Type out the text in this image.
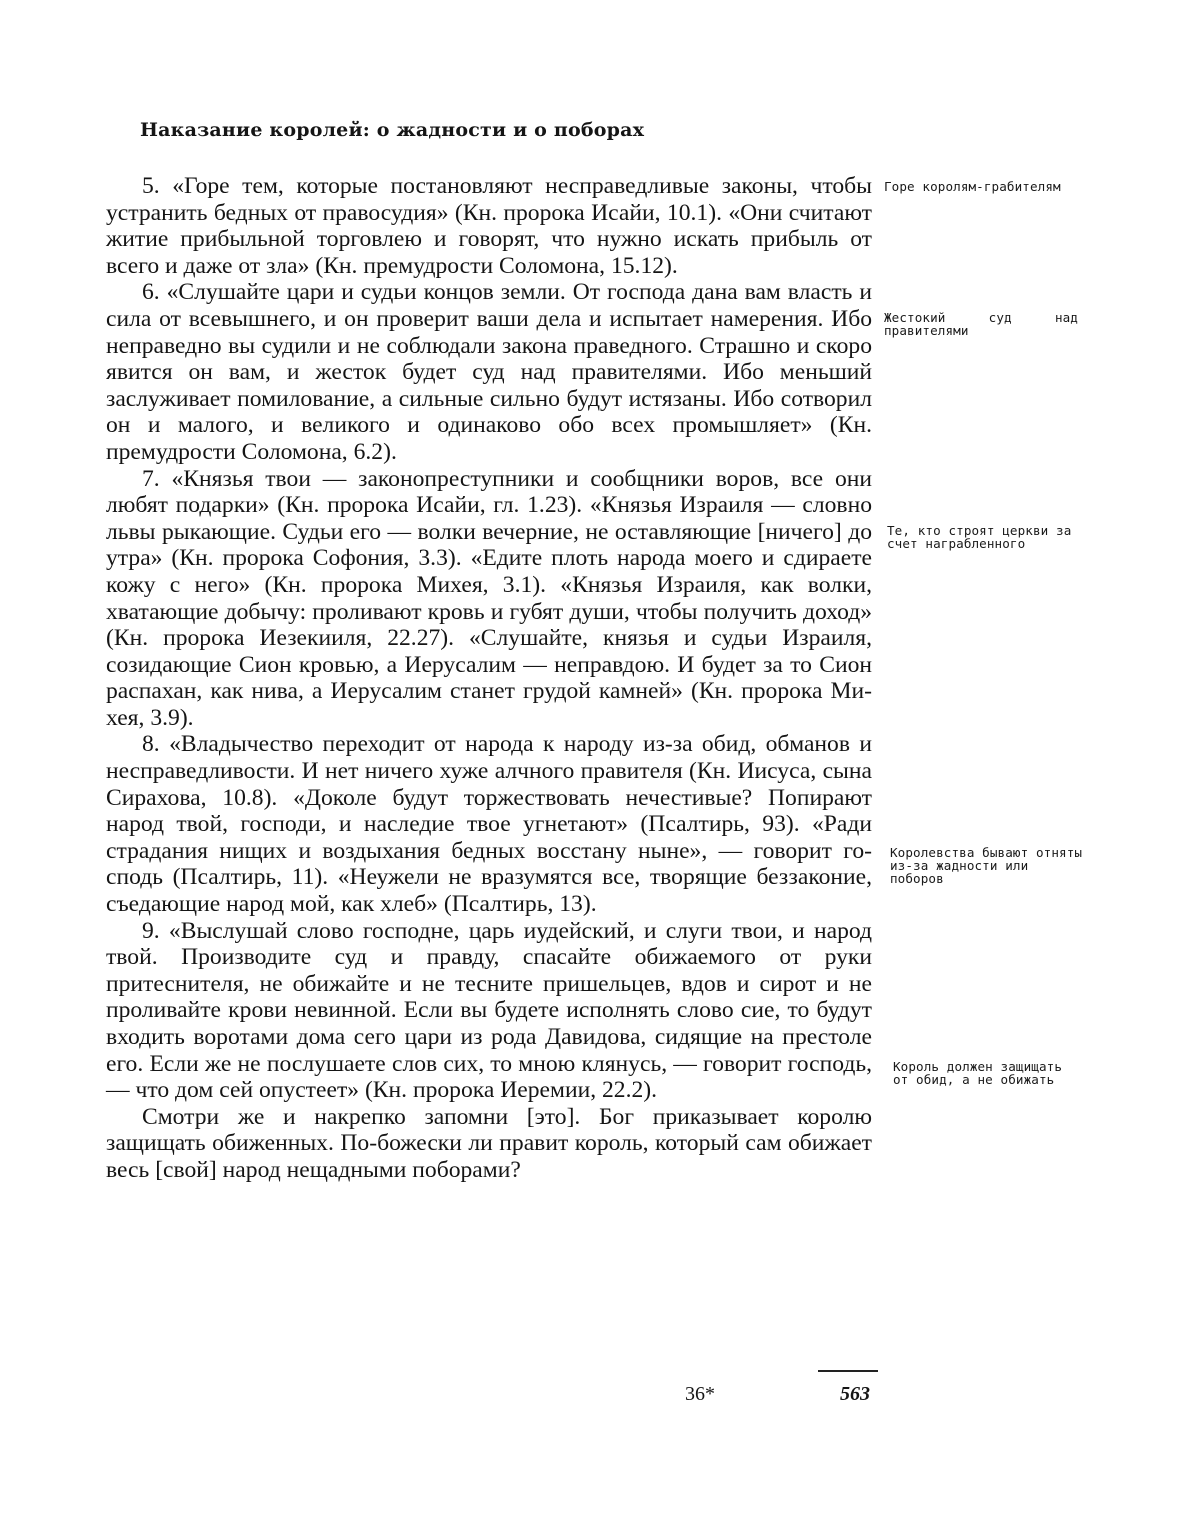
Наказание королей: о жадности и о поборах

5. «Горе тем, которые постановляют несправедливые законы, чтобы устранить бедных от правосудия» (Кн. пророка Исайи, 10.1). «Они считают житие прибыльной торговлею и говорят, что нужно искать прибыль от всего и даже от зла» (Кн. премудрости Соломона, 15.12).

6. «Слушайте цари и судьи концов земли. От господа дана вам власть и сила от всевышнего, и он проверит ваши дела и испытает намерения. Ибо неправедно вы судили и не соблюдали закона праведного. Страшно и скоро явится он вам, и жесток будет суд над правителями. Ибо меньший заслуживает помилование, а сильные сильно будут истязаны. Ибо сотворил он и малого, и великого и одинаково обо всех промышляет» (Кн. премудрости Соломона, 6.2).

7. «Князья твои — законопреступники и сообщники воров, все они любят подарки» (Кн. пророка Исайи, гл. 1.23). «Князья Израиля — словно львы рыкающие. Судьи его — волки вечерние, не оставляющие [ничего] до утра» (Кн. пророка Софония, 3.3). «Едите плоть народа моего и сдираете кожу с него» (Кн. пророка Михея, 3.1). «Князья Израиля, как волки, хватающие добычу: проливают кровь и губят души, чтобы получить доход» (Кн. пророка Иезекииля, 22.27). «Слушайте, князья и судьи Израиля, созидающие Сион кровью, а Иерусалим — неправдою. И будет за то Сион распахан, как нива, а Иерусалим станет грудой камней» (Кн. пророка Михея, 3.9).

8. «Владычество переходит от народа к народу из-за обид, обманов и несправедливости. И нет ничего хуже алчного правителя (Кн. Иисуса, сына Сирахова, 10.8). «Доколе будут торжествовать нечестивые? Попирают народ твой, господи, и наследие твое угнетают» (Псалтирь, 93). «Ради страдания нищих и воздыхания бедных восстану ныне», — говорит господь (Псалтирь, 11). «Неужели не вразумятся все, творящие беззаконие, съедающие народ мой, как хлеб» (Псалтирь, 13).

9. «Выслушай слово господне, царь иудейский, и слуги твои, и народ твой. Производите суд и правду, спасайте обижаемого от руки притеснителя, не обижайте и не тесните пришельцев, вдов и сирот и не проливайте крови невинной. Если вы будете исполнять слово сие, то будут входить воротами дома сего цари из рода Давидова, сидящие на престоле его. Если же не послушаете слов сих, то мною клянусь, — говорит господь, — что дом сей опустеет» (Кн. пророка Иеремии, 22.2).

Смотри же и накрепко запомни [это]. Бог приказывает королю защищать обиженных. По-божески ли правит король, который сам обижает весь [свой] народ нещадными поборами?

Горе королям-грабителям
Жестокий суд над правителями
Те, кто строят церкви за счет награбленного
Королевства бывают отняты из-за жадности или поборов
Король должен защищать от обид, а не обижать
36*	563
